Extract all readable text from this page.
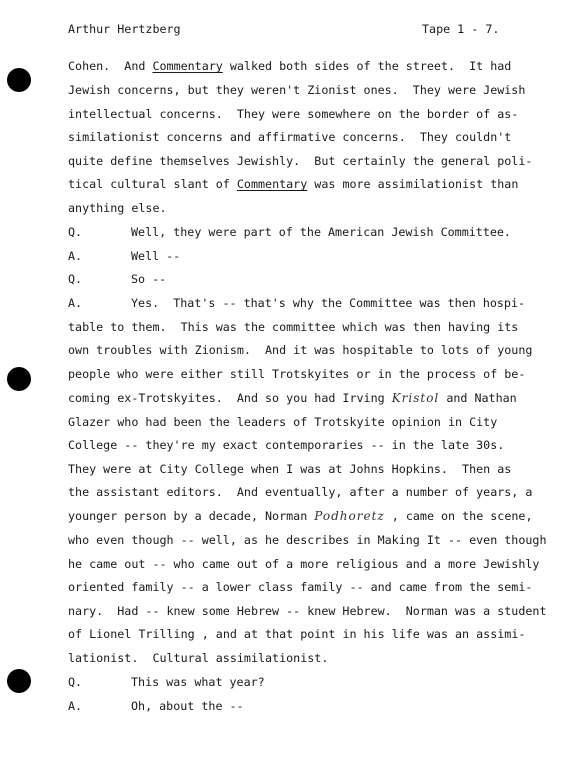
Arthur Hertzberg	Tape 1 - 7.
Cohen.  And Commentary walked both sides of the street.  It had
Jewish concerns, but they weren't Zionist ones.  They were Jewish
intellectual concerns.  They were somewhere on the border of as-
similationist concerns and affirmative concerns.  They couldn't
quite define themselves Jewishly.  But certainly the general poli-
tical cultural slant of Commentary was more assimilationist than
anything else.
Q.	Well, they were part of the American Jewish Committee.
A.	Well --
Q.	So --
A.	Yes.  That's -- that's why the Committee was then hospi-
table to them.  This was the committee which was then having its
own troubles with Zionism.  And it was hospitable to lots of young
people who were either still Trotskyites or in the process of be-
coming ex-Trotskyites.  And so you had Irving Kristol and Nathan
Glazer who had been the leaders of Trotskyite opinion in City
College -- they're my exact contemporaries -- in the late 30s.
They were at City College when I was at Johns Hopkins.  Then as
the assistant editors.  And eventually, after a number of years, a
younger person by a decade, Norman Podhoretz , came on the scene,
who even though -- well, as he describes in Making It -- even though
he came out -- who came out of a more religious and a more Jewishly
oriented family -- a lower class family -- and came from the semi-
nary.  Had -- knew some Hebrew -- knew Hebrew.  Norman was a student
of Lionel Trilling , and at that point in his life was an assimi-
lationist.  Cultural assimilationist.
Q.	This was what year?
A.	Oh, about the --
